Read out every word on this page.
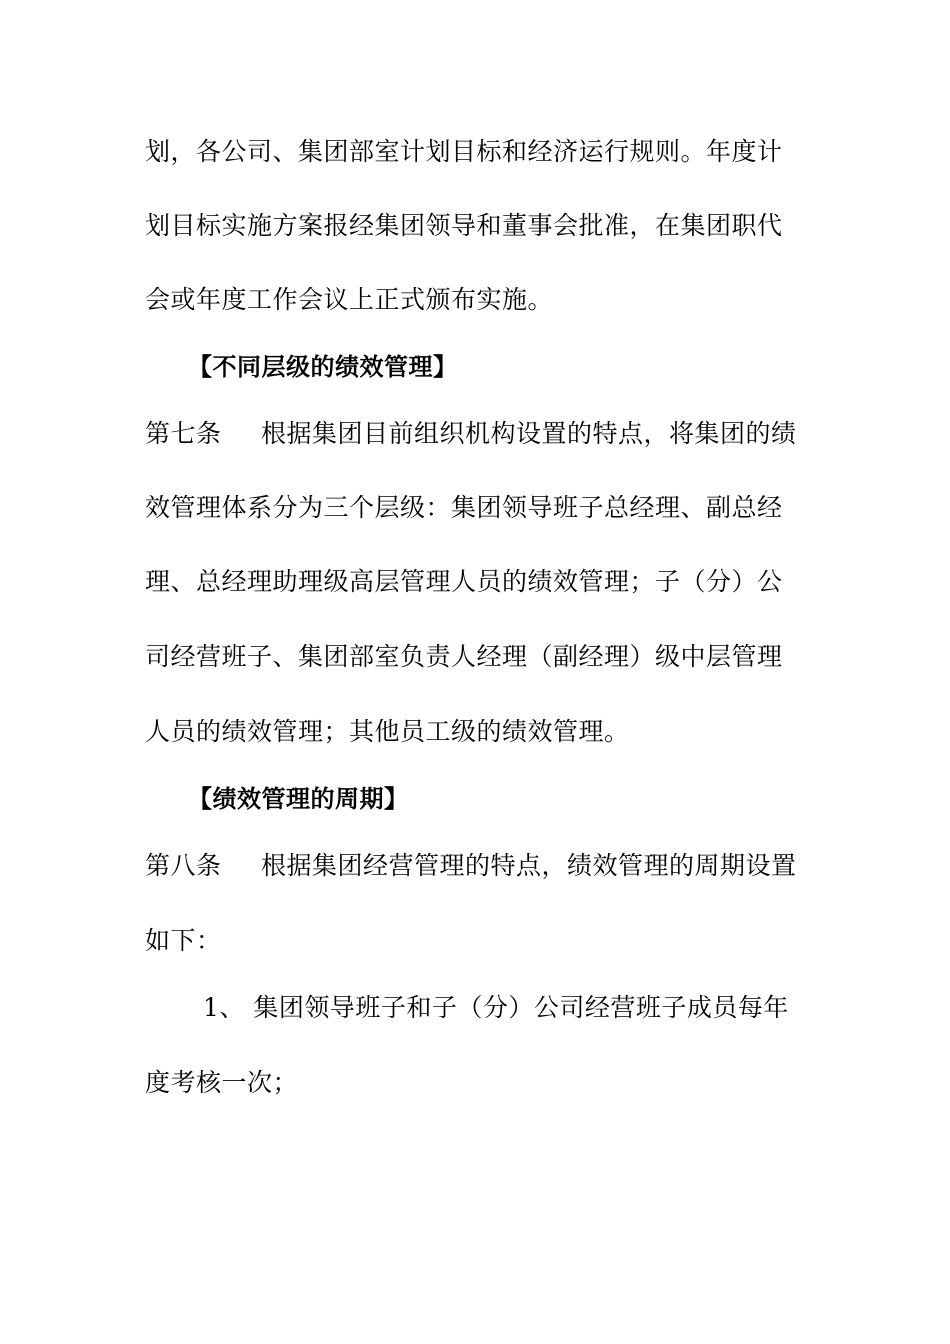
划，各公司、集团部室计划目标和经济运行规则。年度计
划目标实施方案报经集团领导和董事会批准，在集团职代
会或年度工作会议上正式颁布实施。
【不同层级的绩效管理】
第七条 根据集团目前组织机构设置的特点，将集团的绩
效管理体系分为三个层级：集团领导班子总经理、副总经
理、总经理助理级高层管理人员的绩效管理；子（分）公
司经营班子、集团部室负责人经理（副经理）级中层管理
人员的绩效管理；其他员工级的绩效管理。
【绩效管理的周期】
第八条 根据集团经营管理的特点，绩效管理的周期设置
如下：
1、 集团领导班子和子（分）公司经营班子成员每年
度考核一次；
